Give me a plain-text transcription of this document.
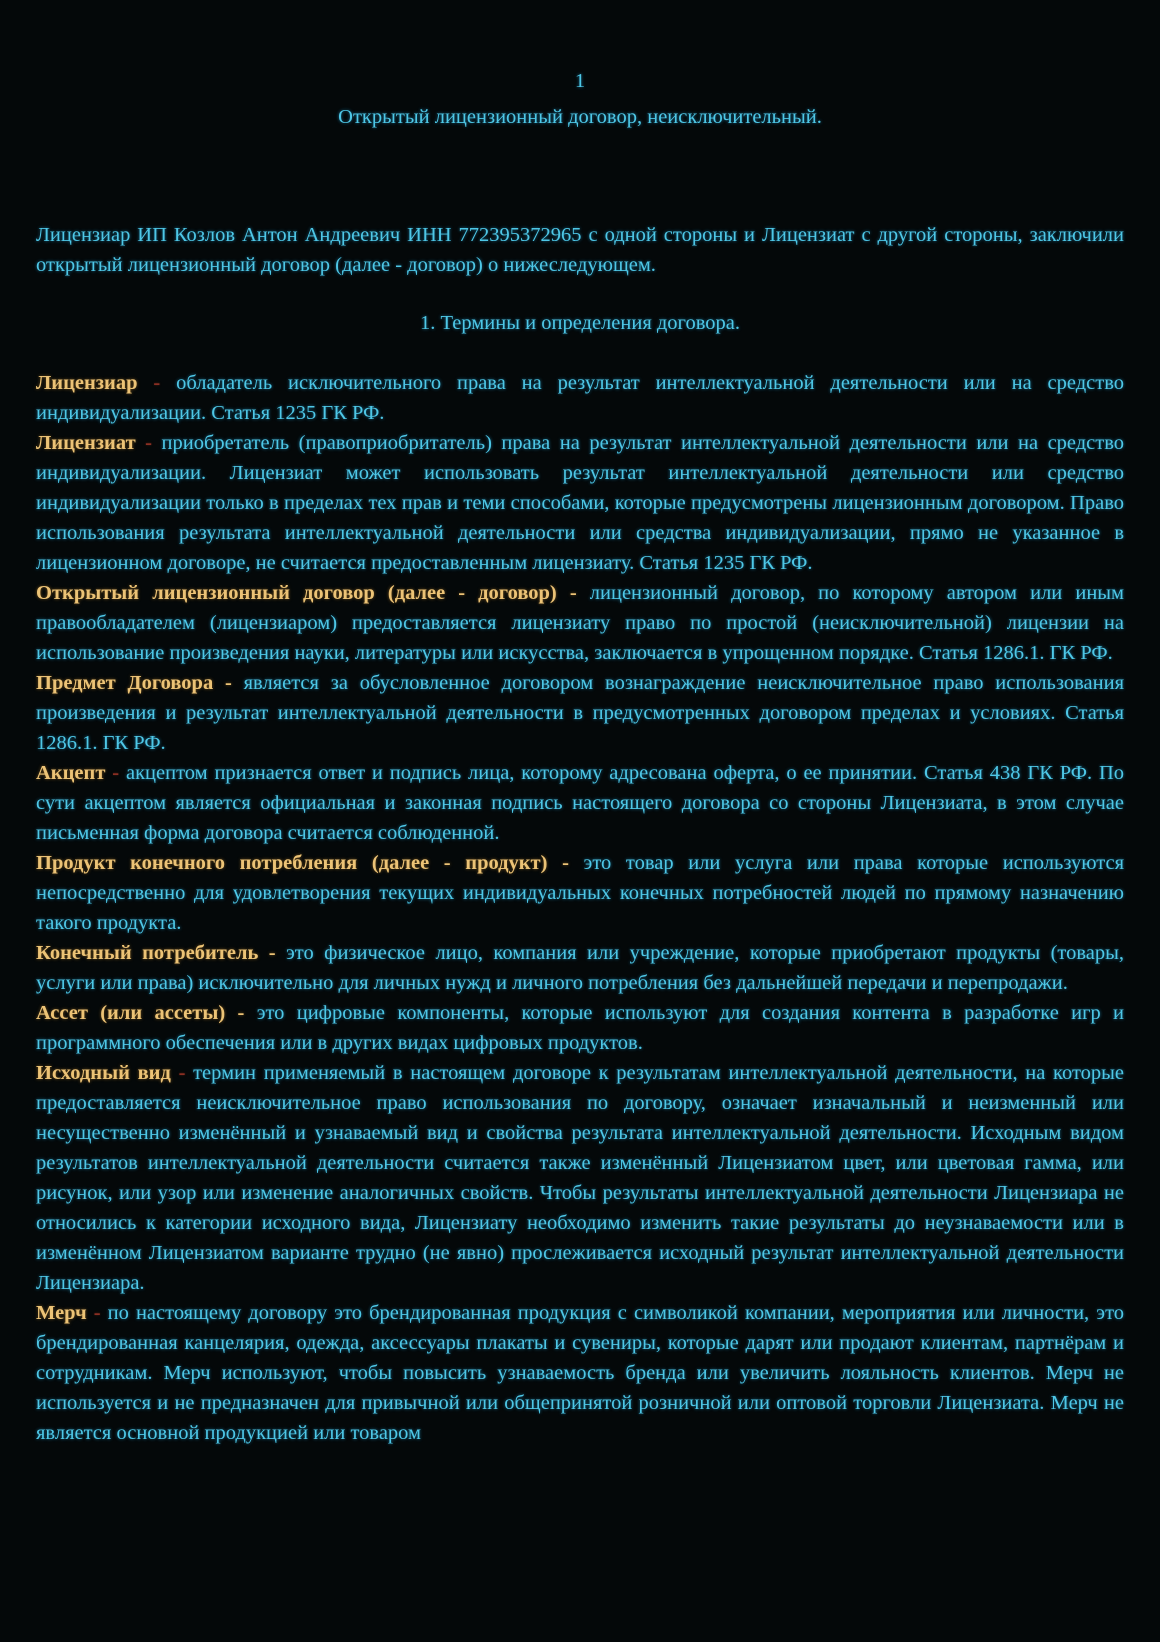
1

Открытый лицензионный договор, неисключительный.

Лицензиар ИП Козлов Антон Андреевич ИНН 772395372965 с одной стороны и Лицензиат с другой стороны, заключили открытый лицензионный договор (далее - договор) о нижеследующем.

1. Термины и определения договора.

Лицензиар - обладатель исключительного права на результат интеллектуальной деятельности или на средство индивидуализации. Статья 1235 ГК РФ.

Лицензиат - приобретатель (правоприобритатель) права на результат интеллектуальной деятельности или на средство индивидуализации. Лицензиат может использовать результат интеллектуальной деятельности или средство индивидуализации только в пределах тех прав и теми способами, которые предусмотрены лицензионным договором. Право использования результата интеллектуальной деятельности или средства индивидуализации, прямо не указанное в лицензионном договоре, не считается предоставленным лицензиату. Статья 1235 ГК РФ.

Открытый лицензионный договор (далее - договор) - лицензионный договор, по которому автором или иным правообладателем (лицензиаром) предоставляется лицензиату право по простой (неисключительной) лицензии на использование произведения науки, литературы или искусства, заключается в упрощенном порядке. Статья 1286.1. ГК РФ.

Предмет Договора - является за обусловленное договором вознаграждение неисключительное право использования произведения и результат интеллектуальной деятельности в предусмотренных договором пределах и условиях. Статья 1286.1. ГК РФ.

Акцепт - акцептом признается ответ и подпись лица, которому адресована оферта, о ее принятии. Статья 438 ГК РФ. По сути акцептом является официальная и законная подпись настоящего договора со стороны Лицензиата, в этом случае письменная форма договора считается соблюденной.

Продукт конечного потребления (далее - продукт) - это товар или услуга или права которые используются непосредственно для удовлетворения текущих индивидуальных конечных потребностей людей по прямому назначению такого продукта.

Конечный потребитель - это физическое лицо, компания или учреждение, которые приобретают продукты (товары, услуги или права) исключительно для личных нужд и личного потребления без дальнейшей передачи и перепродажи.

Ассет (или ассеты) - это цифровые компоненты, которые используют для создания контента в разработке игр и программного обеспечения или в других видах цифровых продуктов.

Исходный вид - термин применяемый в настоящем договоре к результатам интеллектуальной деятельности, на которые предоставляется неисключительное право использования по договору, означает изначальный и неизменный или несущественно изменённый и узнаваемый вид и свойства результата интеллектуальной деятельности. Исходным видом результатов интеллектуальной деятельности считается также изменённый Лицензиатом цвет, или цветовая гамма, или рисунок, или узор или изменение аналогичных свойств. Чтобы результаты интеллектуальной деятельности Лицензиара не относились к категории исходного вида, Лицензиату необходимо изменить такие результаты до неузнаваемости или в изменённом Лицензиатом варианте трудно (не явно) прослеживается исходный результат интеллектуальной деятельности Лицензиара.

Мерч - по настоящему договору это брендированная продукция с символикой компании, мероприятия или личности, это брендированная канцелярия, одежда, аксессуары плакаты и сувениры, которые дарят или продают клиентам, партнёрам и сотрудникам. Мерч используют, чтобы повысить узнаваемость бренда или увеличить лояльность клиентов. Мерч не используется и не предназначен для привычной или общепринятой розничной или оптовой торговли Лицензиата. Мерч не является основной продукцией или товаром
